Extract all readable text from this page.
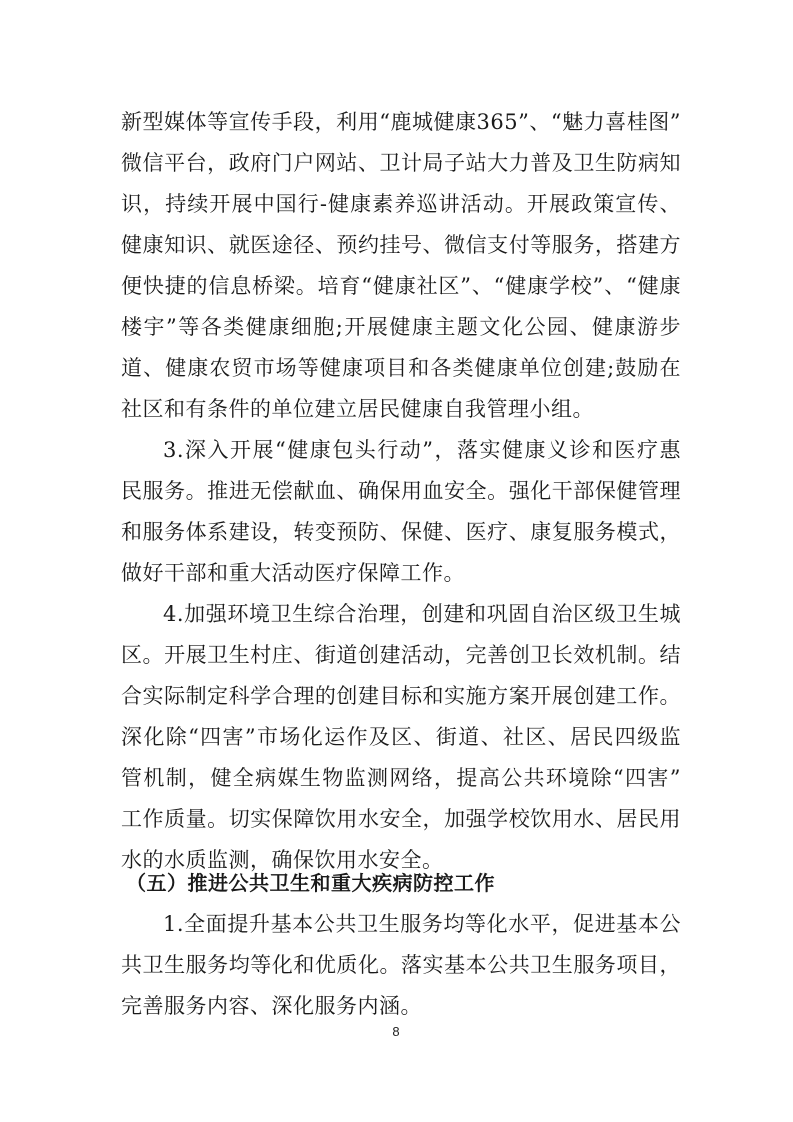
新型媒体等宣传手段，利用“鹿城健康365”、“魅力喜桂图”
微信平台，政府门户网站、卫计局子站大力普及卫生防病知
识，持续开展中国行-健康素养巡讲活动。开展政策宣传、
健康知识、就医途径、预约挂号、微信支付等服务，搭建方
便快捷的信息桥梁。培育“健康社区”、“健康学校”、“健康
楼宇”等各类健康细胞;开展健康主题文化公园、健康游步
道、健康农贸市场等健康项目和各类健康单位创建;鼓励在
社区和有条件的单位建立居民健康自我管理小组。
3.深入开展“健康包头行动”，落实健康义诊和医疗惠
民服务。推进无偿献血、确保用血安全。强化干部保健管理
和服务体系建设，转变预防、保健、医疗、康复服务模式，
做好干部和重大活动医疗保障工作。
4.加强环境卫生综合治理，创建和巩固自治区级卫生城
区。开展卫生村庄、街道创建活动，完善创卫长效机制。结
合实际制定科学合理的创建目标和实施方案开展创建工作。
深化除“四害”市场化运作及区、街道、社区、居民四级监
管机制，健全病媒生物监测网络，提高公共环境除“四害”
工作质量。切实保障饮用水安全，加强学校饮用水、居民用
水的水质监测，确保饮用水安全。
（五）推进公共卫生和重大疾病防控工作
1.全面提升基本公共卫生服务均等化水平，促进基本公
共卫生服务均等化和优质化。落实基本公共卫生服务项目，
完善服务内容、深化服务内涵。
8
